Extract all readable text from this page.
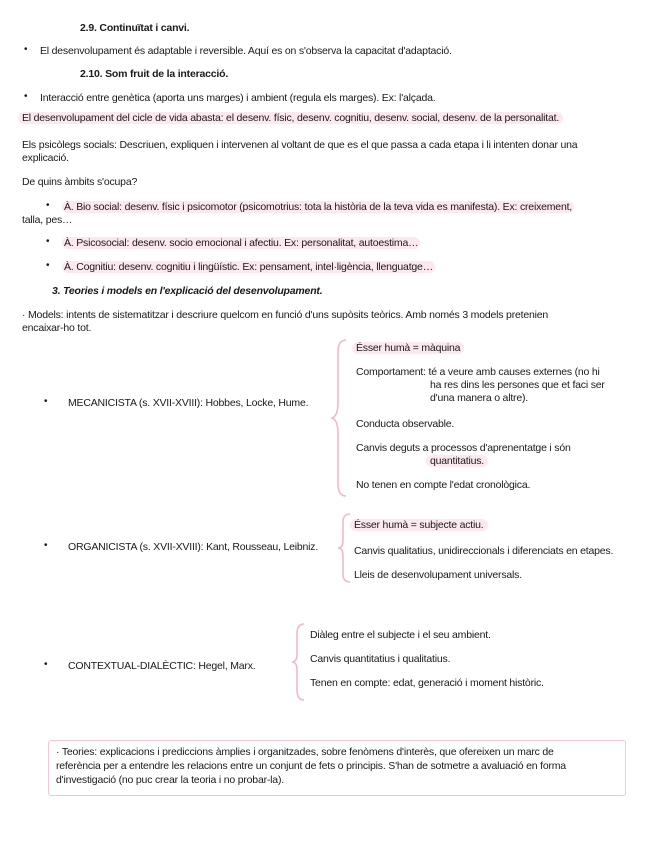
2.9. Continuïtat i canvi.
• El desenvolupament és adaptable i reversible. Aquí es on s'observa la capacitat d'adaptació.
2.10. Som fruit de la interacció.
• Interacció entre genètica (aporta uns marges) i ambient (regula els marges). Ex: l'alçada.
El desenvolupament del cicle de vida abasta: el desenv. físic, desenv. cognitiu, desenv. social, desenv. de la personalitat.
Els psicòlegs socials: Descriuen, expliquen i intervenen al voltant de que es el que passa a cada etapa i li intenten donar una
explicació.
De quins àmbits s'ocupa?
• À. Bio social: desenv. físic i psicomotor (psicomotrius: tota la història de la teva vida es manifesta). Ex: creixement,
talla, pes…
• À. Psicosocial: desenv. socio emocional i afectiu. Ex: personalitat, autoestima…
• À. Cognitiu: desenv. cognitiu i lingüístic. Ex: pensament, intel·ligència, llenguatge…
3. Teories i models en l'explicació del desenvolupament.
· Models: intents de sistematitzar i descriure quelcom en funció d'uns supòsits teòrics. Amb només 3 models pretenien
encaixar-ho tot.
• MECANICISTA (s. XVII-XVIII): Hobbes, Locke, Hume.
Ésser humà = màquina
Comportament: té a veure amb causes externes (no hi
ha res dins les persones que et faci ser
d'una manera o altre).
Conducta observable.
Canvis deguts a processos d'aprenentatge i són
quantitatius.
No tenen en compte l'edat cronològica.
• ORGANICISTA (s. XVII-XVIII): Kant, Rousseau, Leibniz.
Ésser humà = subjecte actiu.
Canvis qualitatius, unidireccionals i diferenciats en etapes.
Lleis de desenvolupament universals.
• CONTEXTUAL-DIALÈCTIC: Hegel, Marx.
Diàleg entre el subjecte i el seu ambient.
Canvis quantitatius i qualitatius.
Tenen en compte: edat, generació i moment històric.
· Teories: explicacions i prediccions àmplies i organitzades, sobre fenòmens d'interès, que ofereixen un marc de
referència per a entendre les relacions entre un conjunt de fets o principis. S'han de sotmetre a avaluació en forma
d'investigació (no puc crear la teoria i no probar-la).
